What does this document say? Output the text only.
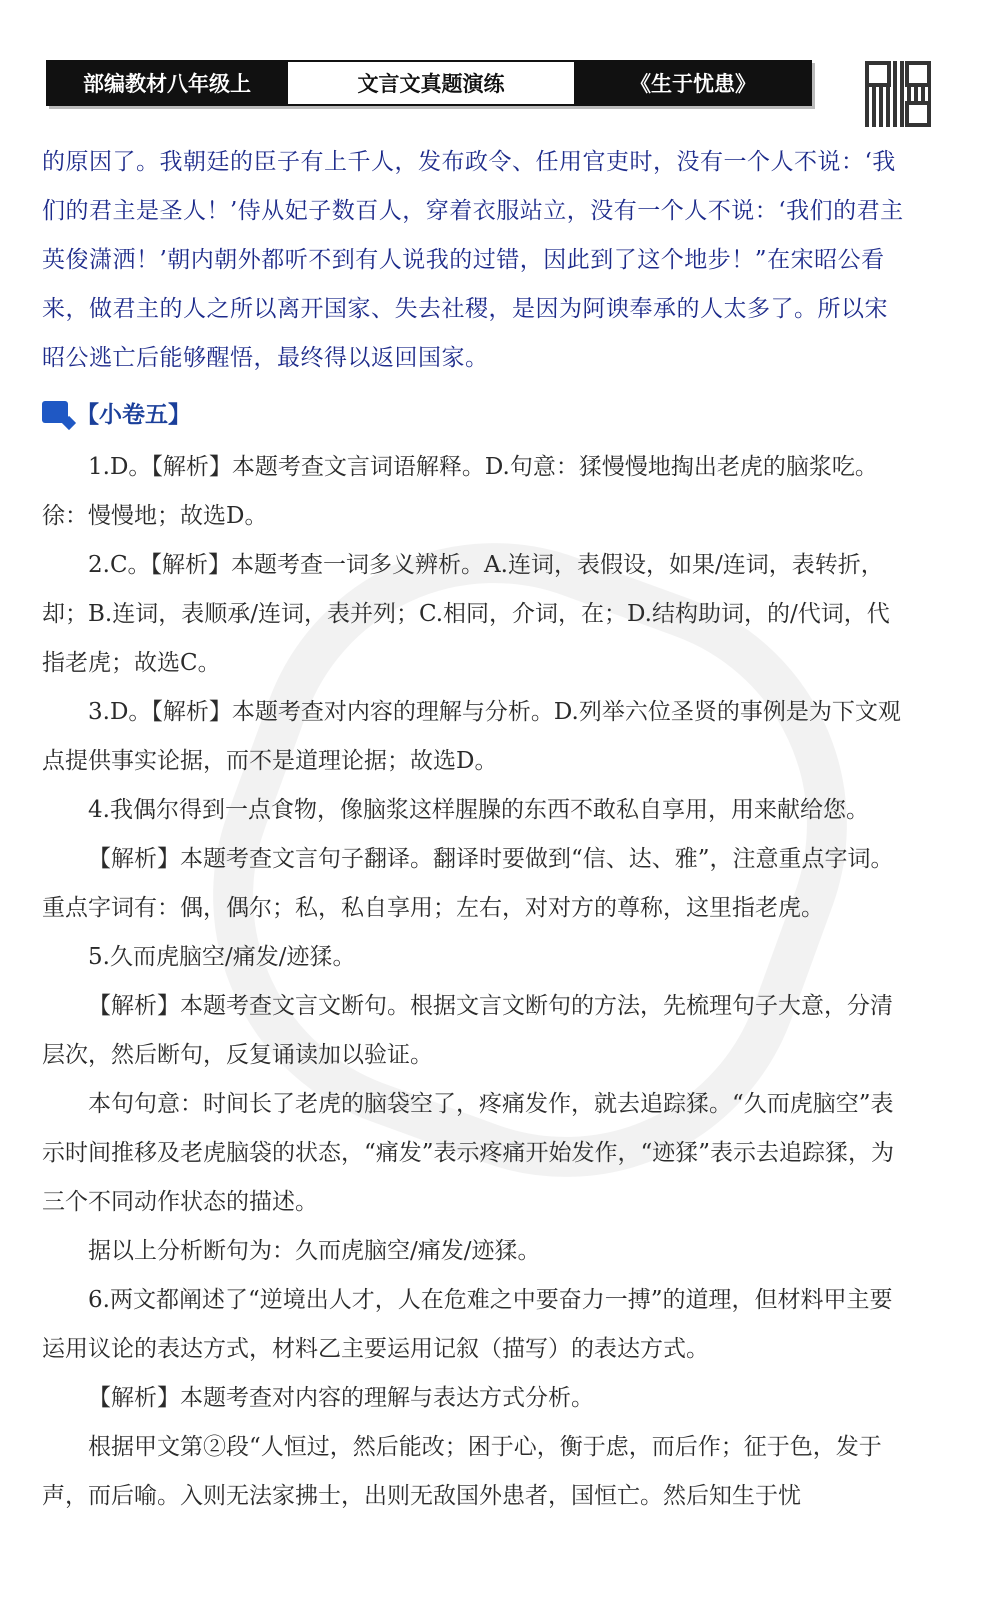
部编教材八年级上	文言文真题演练	《生于忧患》
的原因了。我朝廷的臣子有上千人，发布政令、任用官吏时，没有一个人不说：‘我们的君主是圣人！’侍从妃子数百人，穿着衣服站立，没有一个人不说：‘我们的君主英俊潇洒！’朝内朝外都听不到有人说我的过错，因此到了这个地步！”在宋昭公看来，做君主的人之所以离开国家、失去社稷，是因为阿谀奉承的人太多了。所以宋昭公逃亡后能够醒悟，最终得以返回国家。
【小卷五】

1.D。【解析】本题考查文言词语解释。D.句意：猱慢慢地掏出老虎的脑浆吃。徐：慢慢地；故选D。

2.C。【解析】本题考查一词多义辨析。A.连词，表假设，如果/连词，表转折，却；B.连词，表顺承/连词，表并列；C.相同，介词，在；D.结构助词，的/代词，代指老虎；故选C。

3.D。【解析】本题考查对内容的理解与分析。D.列举六位圣贤的事例是为下文观点提供事实论据，而不是道理论据；故选D。

4.我偶尔得到一点食物，像脑浆这样腥臊的东西不敢私自享用，用来献给您。

【解析】本题考查文言句子翻译。翻译时要做到“信、达、雅”，注意重点字词。重点字词有：偶，偶尔；私，私自享用；左右，对对方的尊称，这里指老虎。

5.久而虎脑空/痛发/迹猱。

【解析】本题考查文言文断句。根据文言文断句的方法，先梳理句子大意，分清层次，然后断句，反复诵读加以验证。

本句句意：时间长了老虎的脑袋空了，疼痛发作，就去追踪猱。“久而虎脑空”表示时间推移及老虎脑袋的状态，“痛发”表示疼痛开始发作，“迹猱”表示去追踪猱，为三个不同动作状态的描述。

据以上分析断句为：久而虎脑空/痛发/迹猱。

6.两文都阐述了“逆境出人才，人在危难之中要奋力一搏”的道理，但材料甲主要运用议论的表达方式，材料乙主要运用记叙（描写）的表达方式。

【解析】本题考查对内容的理解与表达方式分析。

根据甲文第②段“人恒过，然后能改；困于心，衡于虑，而后作；征于色，发于声，而后喻。入则无法家拂士，出则无敌国外患者，国恒亡。然后知生于忧
